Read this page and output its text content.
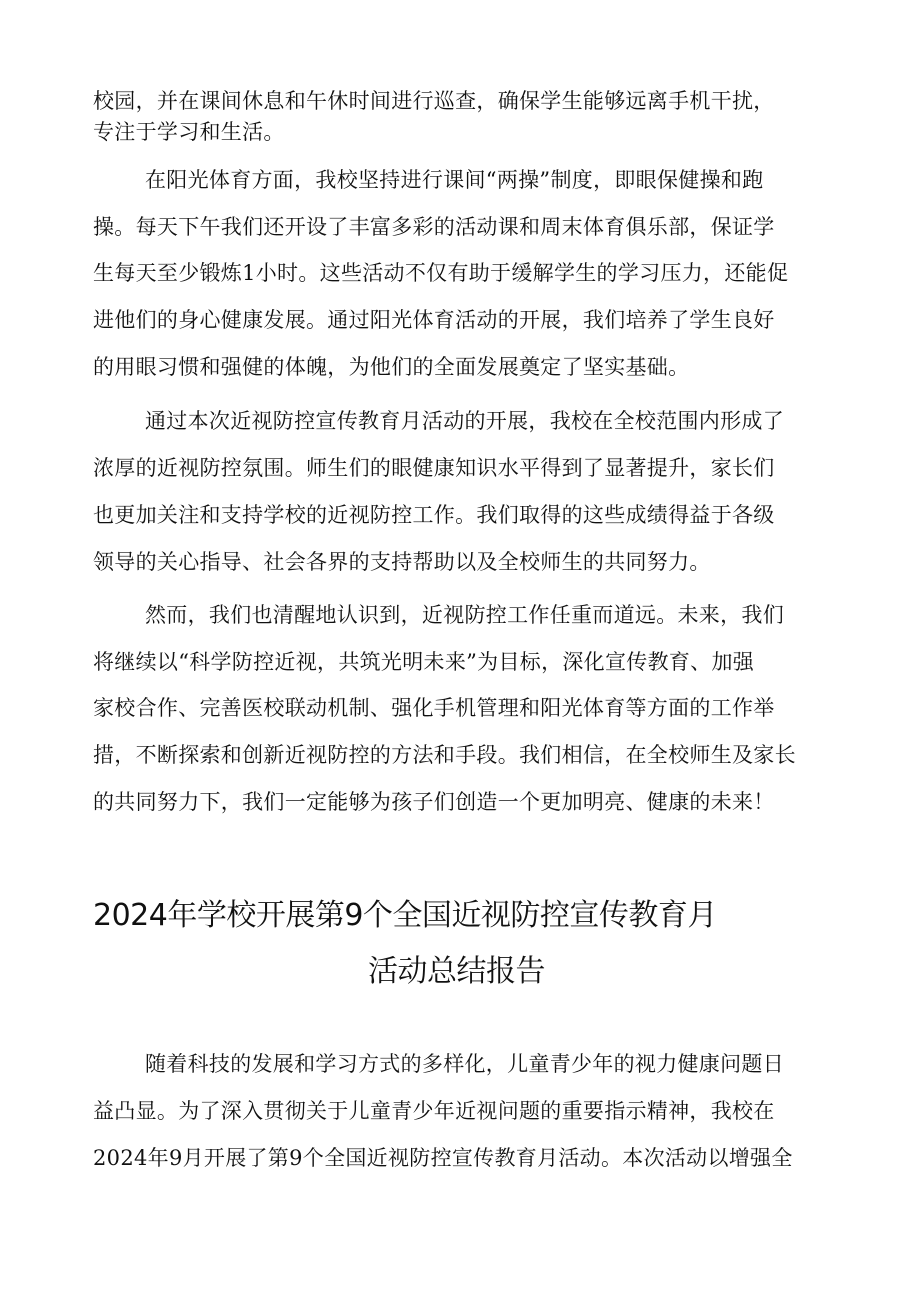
校园，并在课间休息和午休时间进行巡查，确保学生能够远离手机干扰，
专注于学习和生活。
在阳光体育方面，我校坚持进行课间“两操”制度，即眼保健操和跑
操。每天下午我们还开设了丰富多彩的活动课和周末体育俱乐部，保证学
生每天至少锻炼1小时。这些活动不仅有助于缓解学生的学习压力，还能促
进他们的身心健康发展。通过阳光体育活动的开展，我们培养了学生良好
的用眼习惯和强健的体魄，为他们的全面发展奠定了坚实基础。
通过本次近视防控宣传教育月活动的开展，我校在全校范围内形成了
浓厚的近视防控氛围。师生们的眼健康知识水平得到了显著提升，家长们
也更加关注和支持学校的近视防控工作。我们取得的这些成绩得益于各级
领导的关心指导、社会各界的支持帮助以及全校师生的共同努力。
然而，我们也清醒地认识到，近视防控工作任重而道远。未来，我们
将继续以“科学防控近视，共筑光明未来”为目标，深化宣传教育、加强
家校合作、完善医校联动机制、强化手机管理和阳光体育等方面的工作举
措，不断探索和创新近视防控的方法和手段。我们相信，在全校师生及家长
的共同努力下，我们一定能够为孩子们创造一个更加明亮、健康的未来！
2024年学校开展第9个全国近视防控宣传教育月
活动总结报告
随着科技的发展和学习方式的多样化，儿童青少年的视力健康问题日
益凸显。为了深入贯彻关于儿童青少年近视问题的重要指示精神，我校在
2024年9月开展了第9个全国近视防控宣传教育月活动。本次活动以增强全
